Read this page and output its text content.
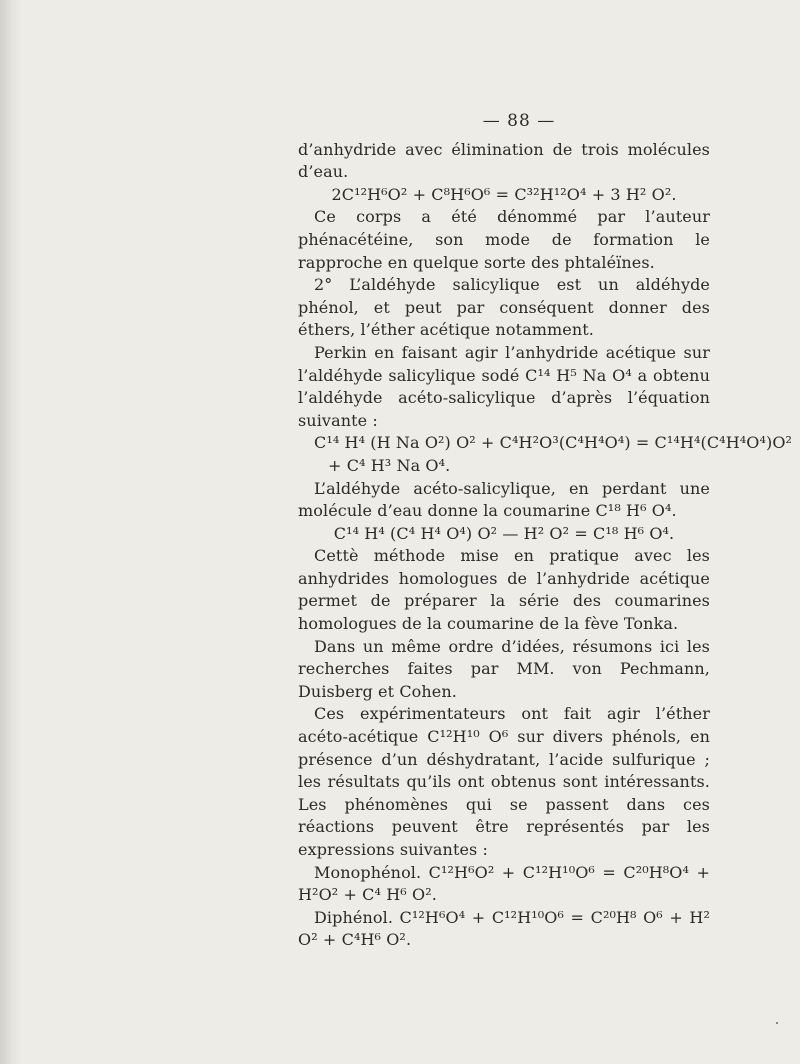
— 88 —

d’anhydride avec élimination de trois molécules d’eau.

2C¹²H⁶O² + C⁸H⁶O⁶ = C³²H¹²O⁴ + 3 H² O².

Ce corps a été dénommé par l’auteur phénacétéine, son mode de formation le rapproche en quelque sorte des phtaléïnes.

2° L’aldéhyde salicylique est un aldéhyde phénol, et peut par conséquent donner des éthers, l’éther acétique notamment.

Perkin en faisant agir l’anhydride acétique sur l’aldéhyde salicylique sodé C¹⁴ H⁵ Na O⁴ a obtenu l’aldéhyde acéto-salicylique d’après l’équation suivante :

C¹⁴ H⁴ (H Na O²) O² + C⁴H²O³(C⁴H⁴O⁴) = C¹⁴H⁴(C⁴H⁴O⁴)O²

+ C⁴ H³ Na O⁴.

L’aldéhyde acéto-salicylique, en perdant une molécule d’eau donne la coumarine C¹⁸ H⁶ O⁴.

C¹⁴ H⁴ (C⁴ H⁴ O⁴) O² — H² O² = C¹⁸ H⁶ O⁴.

Cettè méthode mise en pratique avec les anhydrides homologues de l’anhydride acétique permet de préparer la série des coumarines homologues de la coumarine de la fève Tonka.

Dans un même ordre d’idées, résumons ici les recherches faites par MM. von Pechmann, Duisberg et Cohen.

Ces expérimentateurs ont fait agir l’éther acéto-acétique C¹²H¹⁰ O⁶ sur divers phénols, en présence d’un déshydratant, l’acide sulfurique ; les résultats qu’ils ont obtenus sont intéressants. Les phénomènes qui se passent dans ces réactions peuvent être représentés par les expressions suivantes :

Monophénol. C¹²H⁶O² + C¹²H¹⁰O⁶ = C²⁰H⁸O⁴ + H²O² + C⁴ H⁶ O².

Diphénol. C¹²H⁶O⁴ + C¹²H¹⁰O⁶ = C²⁰H⁸ O⁶ + H² O² + C⁴H⁶ O².
